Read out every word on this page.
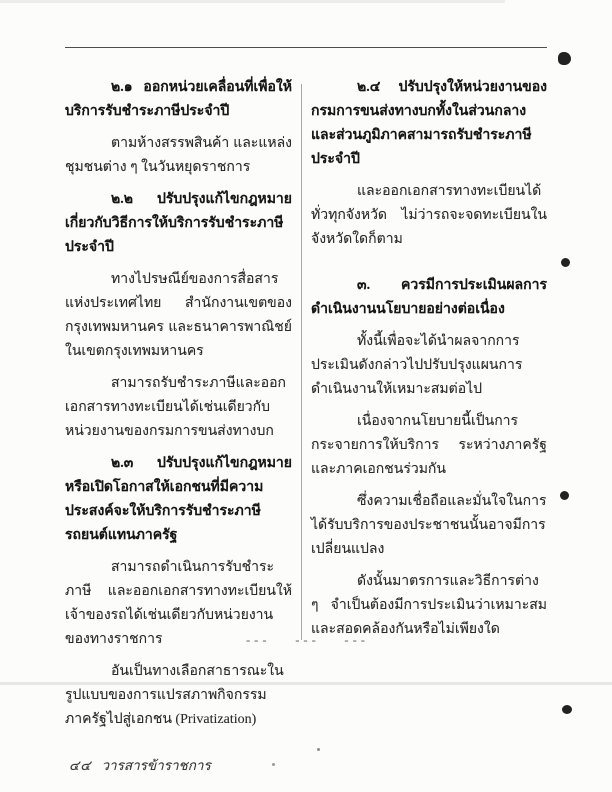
๒.๑ ออกหน่วยเคลื่อนที่เพื่อให้บริการรับชำระภาษีประจำปี

ตามห้างสรรพสินค้า และแหล่งชุมชนต่าง ๆ ในวันหยุดราชการ

๒.๒ ปรับปรุงแก้ไขกฎหมายเกี่ยวกับวิธีการให้บริการรับชำระภาษีประจำปี

ทางไปรษณีย์ของการสื่อสารแห่งประเทศไทย สำนักงานเขตของกรุงเทพมหานคร และธนาคารพาณิชย์ในเขตกรุงเทพมหานคร

สามารถรับชำระภาษีและออกเอกสารทางทะเบียนได้เช่นเดียวกับหน่วยงานของกรมการขนส่งทางบก

๒.๓ ปรับปรุงแก้ไขกฎหมายหรือเปิดโอกาสให้เอกชนที่มีความประสงค์จะให้บริการรับชำระภาษีรถยนต์แทนภาครัฐ

สามารถดำเนินการรับชำระภาษี และออกเอกสารทางทะเบียนให้เจ้าของรถได้เช่นเดียวกับหน่วยงานของทางราชการ

อันเป็นทางเลือกสาธารณะในรูปแบบของการแปรสภาพกิจกรรมภาครัฐไปสู่เอกชน (Privatization)

๒.๔ ปรับปรุงให้หน่วยงานของกรมการขนส่งทางบกทั้งในส่วนกลางและส่วนภูมิภาคสามารถรับชำระภาษีประจำปี

และออกเอกสารทางทะเบียนได้ทั่วทุกจังหวัด ไม่ว่ารถจะจดทะเบียนในจังหวัดใดก็ตาม

๓. ควรมีการประเมินผลการดำเนินงานนโยบายอย่างต่อเนื่อง

ทั้งนี้เพื่อจะได้นำผลจากการประเมินดังกล่าวไปปรับปรุงแผนการดำเนินงานให้เหมาะสมต่อไป

เนื่องจากนโยบายนี้เป็นการกระจายการให้บริการ ระหว่างภาครัฐและภาคเอกชนร่วมกัน

ซึ่งความเชื่อถือและมั่นใจในการได้รับบริการของประชาชนนั้นอาจมีการเปลี่ยนแปลง

ดังนั้นมาตรการและวิธีการต่าง ๆ จำเป็นต้องมีการประเมินว่าเหมาะสมและสอดคล้องกันหรือไม่เพียงใด

---   ---   ---
๔๔ วารสารข้าราชการ
